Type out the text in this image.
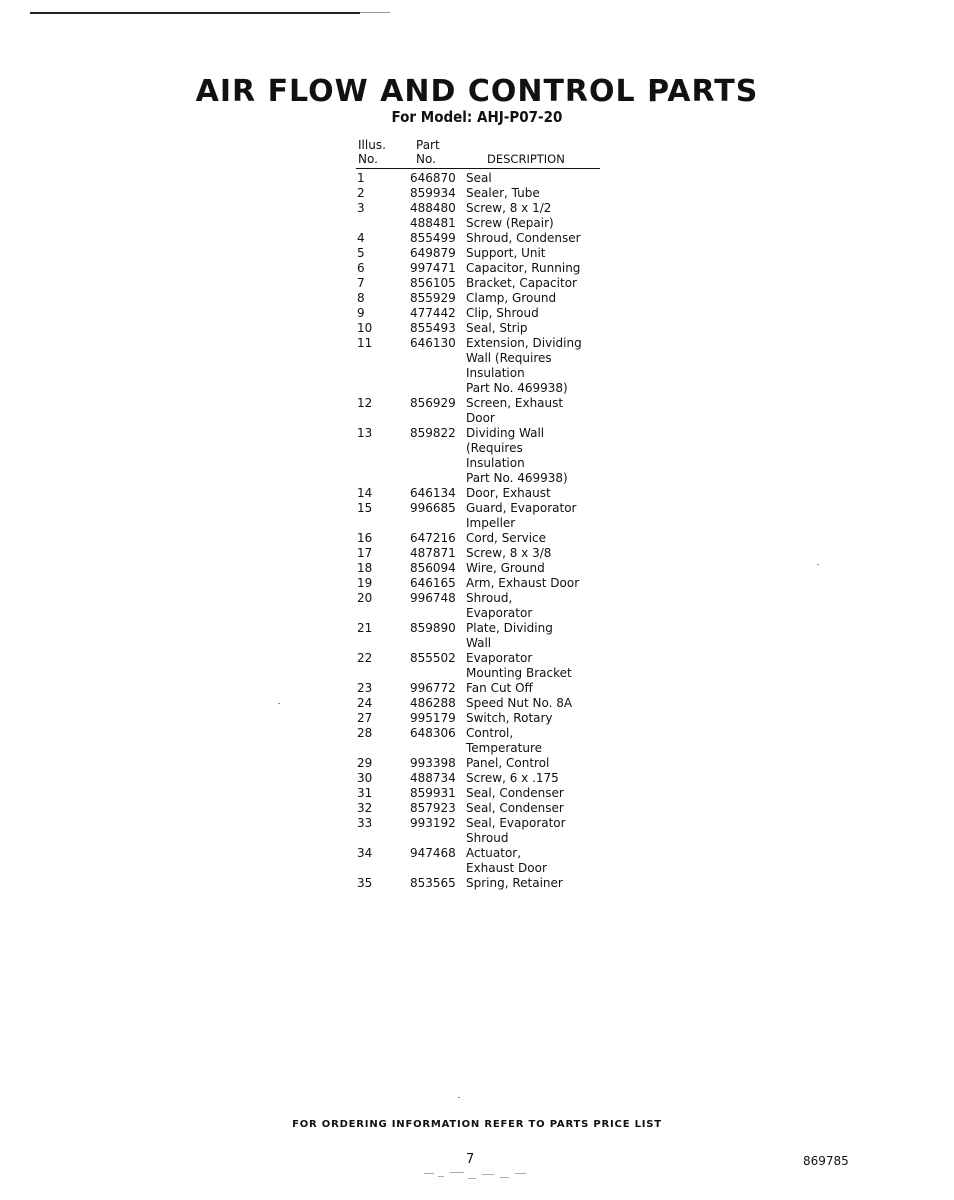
AIR FLOW AND CONTROL PARTS
For Model: AHJ-P07-20
Illus.
No.
Part
No.	DESCRIPTION
1	646870 Seal
2	859934 Sealer, Tube
3	488480 Screw, 8 x 1/2
488481 Screw (Repair)
4	855499 Shroud, Condenser
5	649879 Support, Unit
6	997471 Capacitor, Running
7	856105 Bracket, Capacitor
8	855929 Clamp, Ground
9	477442 Clip, Shroud
10	855493 Seal, Strip
11	646130 Extension, Dividing
Wall (Requires
Insulation
Part No. 469938)
12	856929 Screen, Exhaust
Door
13	859822 Dividing Wall
(Requires
Insulation
Part No. 469938)
14	646134 Door, Exhaust
15	996685 Guard, Evaporator
Impeller
16	647216 Cord, Service
17	487871 Screw, 8 x 3/8
18	856094 Wire, Ground
19	646165 Arm, Exhaust Door
20	996748 Shroud,
Evaporator
21	859890 Plate, Dividing
Wall
22	855502 Evaporator
Mounting Bracket
23	996772 Fan Cut Off
24	486288 Speed Nut No. 8A
27	995179 Switch, Rotary
28	648306 Control,
Temperature
29	993398 Panel, Control
30	488734 Screw, 6 x .175
31	859931 Seal, Condenser
32	857923 Seal, Condenser
33	993192 Seal, Evaporator
Shroud
34	947468 Actuator,
Exhaust Door
35	853565 Spring, Retainer
FOR ORDERING INFORMATION REFER TO PARTS PRICE LIST
7	869785
